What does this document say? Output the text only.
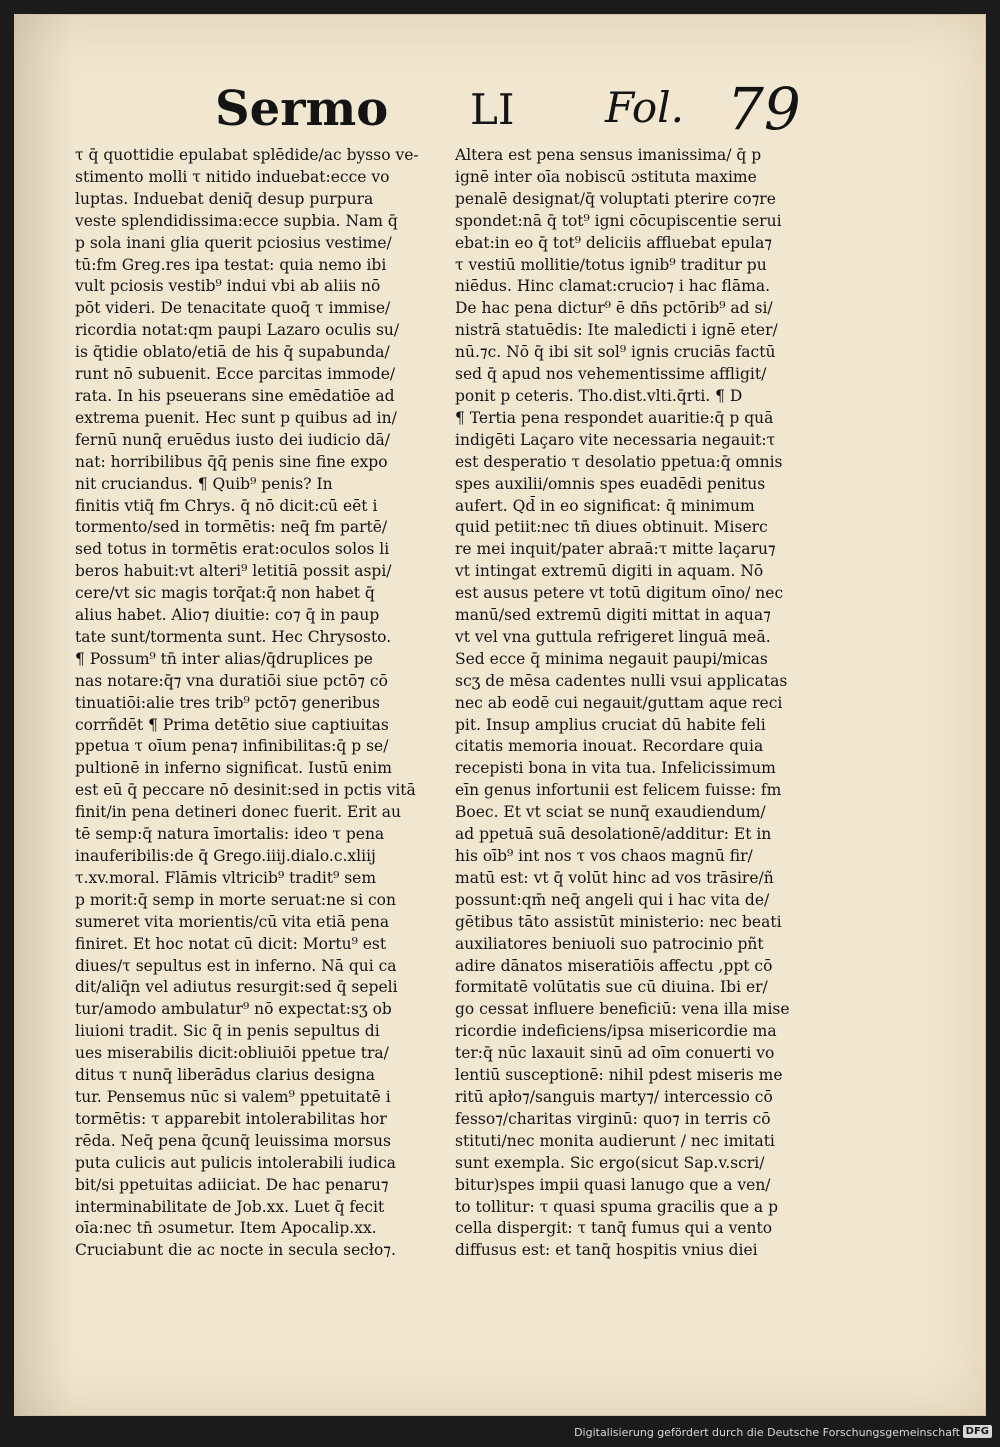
Sermo LI Fol. 79
τ q̄ quottidie epulabat splēdide/ac bysso ve-
stimento molli τ nitido induebat:ecce vo
luptas. Induebat deniq̄ desup purpura
veste splendidissima:ecce supbia. Nam q̄
p sola inani glia querit pciosius vestime/
tū:fm Greg.res ipa testat: quia nemo ibi
vult pciosis vestib⁹ indui vbi ab aliis nō
pōt videri. De tenacitate quoq̄ τ immise/
ricordia notat:qm paupi Lazaro oculis su/
is q̄tidie oblato/etiā de his q̄ supabunda/
runt nō subuenit. Ecce parcitas immode/
rata. In his pseuerans sine emēdatiōe ad
extrema puenit. Hec sunt p quibus ad in/
fernū nunq̄ eruēdus iusto dei iudicio dā/
nat: horribilibus q̄q̄ penis sine fine expo
nit cruciandus. ¶ Quib⁹ penis? In
finitis vtiq̄ fm Chrys. q̄ nō dicit:cū eēt i
tormento/sed in tormētis: neq̄ fm partē/
sed totus in tormētis erat:oculos solos li
beros habuit:vt alteri⁹ letitiā possit aspi/
cere/vt sic magis torq̄at:q̄ non habet q̄
alius habet. Alio⁊ diuitie: co⁊ q̄ in paup
tate sunt/tormenta sunt. Hec Chrysosto.
¶ Possum⁹ tn̄ inter alias/q̄druplices pe
nas notare:q̄⁊ vna duratiōi siue pctō⁊ cō
tinuatiōi:alie tres trib⁹ pctō⁊ generibus
corrñdēt ¶ Prima detētio siue captiuitas
ppetua τ oīum pena⁊ infinibilitas:q̄ p se/
pultionē in inferno significat. Iustū enim
est eū q̄ peccare nō desinit:sed in pctis vitā
finit/in pena detineri donec fuerit. Erit au
tē semp:q̄ natura īmortalis: ideo τ pena
inauferibilis:de q̄ Grego.iiij.dialo.c.xliij
τ.xv.moral. Flāmis vltricib⁹ tradit⁹ sem
p morit:q̄ semp in morte seruat:ne si con
sumeret vita morientis/cū vita etiā pena
finiret. Et hoc notat cū dicit: Mortu⁹ est
diues/τ sepultus est in inferno. Nā qui ca
dit/aliq̄n vel adiutus resurgit:sed q̄ sepeli
tur/amodo ambulatur⁹ nō expectat:sʒ ob
liuioni tradit. Sic q̄ in penis sepultus di
ues miserabilis dicit:obliuiōi ppetue tra/
ditus τ nunq̄ liberādus clarius designa
tur. Pensemus nūc si valem⁹ ppetuitatē i
tormētis: τ apparebit intolerabilitas hor
rēda. Neq̄ pena q̄cunq̄ leuissima morsus
puta culicis aut pulicis intolerabili iudica
bit/si ppetuitas adiiciat. De hac penaru⁊
interminabilitate de Job.xx. Luet q̄ fecit
oīa:nec tn̄ ɔsumetur. Item Apocalip.xx.
Cruciabunt die ac nocte in secula secło⁊.
Altera est pena sensus imanissima/ q̄ p
ignē inter oīa nobiscū ɔstituta maxime
penalē designat/q̄ voluptati pterire co⁊re
spondet:nā q̄ tot⁹ igni cōcupiscentie serui
ebat:in eo q̄ tot⁹ deliciis affluebat epula⁊
τ vestiū mollitie/totus ignib⁹ traditur pu
niēdus. Hinc clamat:crucio⁊ i hac flāma.
De hac pena dictur⁹ ē dn̄s pctōrib⁹ ad si/
nistrā statuēdis: Ite maledicti i ignē eter/
nū.⁊c. Nō q̄ ibi sit sol⁹ ignis cruciās factū
sed q̄ apud nos vehementissime affligit/
ponit p ceteris. Tho.dist.vlti.q̄rti. ¶ D
¶ Tertia pena respondet auaritie:q̄ p quā
indigēti Laçaro vite necessaria negauit:τ
est desperatio τ desolatio ppetua:q̄ omnis
spes auxilii/omnis spes euadēdi penitus
aufert. Qd̄ in eo significat: q̄ minimum
quid petiit:nec tn̄ diues obtinuit. Miserc
re mei inquit/pater abraā:τ mitte laçaru⁊
vt intingat extremū digiti in aquam. Nō
est ausus petere vt totū digitum oīno/ nec
manū/sed extremū digiti mittat in aqua⁊
vt vel vna guttula refrigeret linguā meā.
Sed ecce q̄ minima negauit paupi/micas
scʒ de mēsa cadentes nulli vsui applicatas
nec ab eodē cui negauit/guttam aque reci
pit. Insup amplius cruciat dū habite feli
citatis memoria inouat. Recordare quia
recepisti bona in vita tua. Infelicissimum
eīn genus infortunii est felicem fuisse: fm
Boec. Et vt sciat se nunq̄ exaudiendum/
ad ppetuā suā desolationē/additur: Et in
his oīb⁹ int nos τ vos chaos magnū fir/
matū est: vt q̄ volūt hinc ad vos trāsire/ñ
possunt:qm̄ neq̄ angeli qui i hac vita de/
gētibus tāto assistūt ministerio: nec beati
auxiliatores beniuoli suo patrocinio pñt
adire dānatos miseratiōis affectu ,ppt cō
formitatē volūtatis sue cū diuina. Ibi er/
go cessat influere beneficiū: vena illa mise
ricordie indeficiens/ipsa misericordie ma
ter:q̄ nūc laxauit sinū ad oīm conuerti vo
lentiū susceptionē: nihil pdest miseris me
ritū apło⁊/sanguis marty⁊/ intercessio cō
fesso⁊/charitas virginū: quo⁊ in terris cō
stituti/nec monita audierunt / nec imitati
sunt exempla. Sic ergo(sicut Sap.v.scri/
bitur)spes impii quasi lanugo que a ven/
to tollitur: τ quasi spuma gracilis que a p
cella dispergit: τ tanq̄ fumus qui a vento
diffusus est: et tanq̄ hospitis vnius diei
Digitalisierung gefördert durch die Deutsche Forschungsgemeinschaft DFG
